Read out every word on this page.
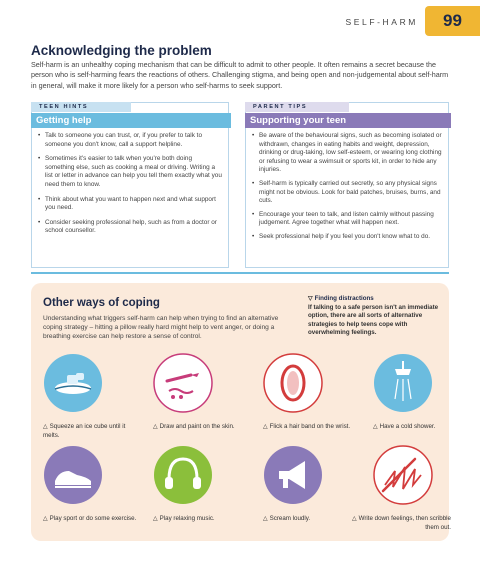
SELF-HARM	99
Acknowledging the problem

Self-harm is an unhealthy coping mechanism that can be difficult to admit to other people. It often remains a secret because the person who is self-harming fears the reactions of others. Challenging stigma, and being open and non-judgemental about self-harm in general, will make it more likely for a person who self-harms to seek support.

TEEN HINTS
Getting help
• Talk to someone you can trust, or, if you prefer to talk to someone you don't know, call a support helpline.
• Sometimes it's easier to talk when you're both doing something else, such as cooking a meal or driving. Writing a list or letter in advance can help you tell them exactly what you need them to know.
• Think about what you want to happen next and what support you need.
• Consider seeking professional help, such as from a doctor or school counsellor.
PARENT TIPS
Supporting your teen
• Be aware of the behavioural signs, such as becoming isolated or withdrawn, changes in eating habits and weight, depression, drinking or drug-taking, low self-esteem, or wearing long clothing or refusing to wear a swimsuit or sports kit, in order to hide any injuries.
• Self-harm is typically carried out secretly, so any physical signs might not be obvious. Look for bald patches, bruises, burns, and cuts.
• Encourage your teen to talk, and listen calmly without passing judgement. Agree together what will happen next.
• Seek professional help if you feel you don't know what to do.
Other ways of coping

Understanding what triggers self-harm can help when trying to find an alternative coping strategy – hitting a pillow really hard might help to vent anger, or doing a breathing exercise can help restore a sense of control.

▽ Finding distractions
If talking to a safe person isn't an immediate option, there are all sorts of alternative strategies to help teens cope with overwhelming feelings.
△ Squeeze an ice cube until it melts.
△ Draw and paint on the skin.	△ Flick a hair band on the wrist.	△ Have a cold shower.
△ Play sport or do some exercise.	△ Play relaxing music.	△ Scream loudly.	△ Write down feelings, then scribble them out.
